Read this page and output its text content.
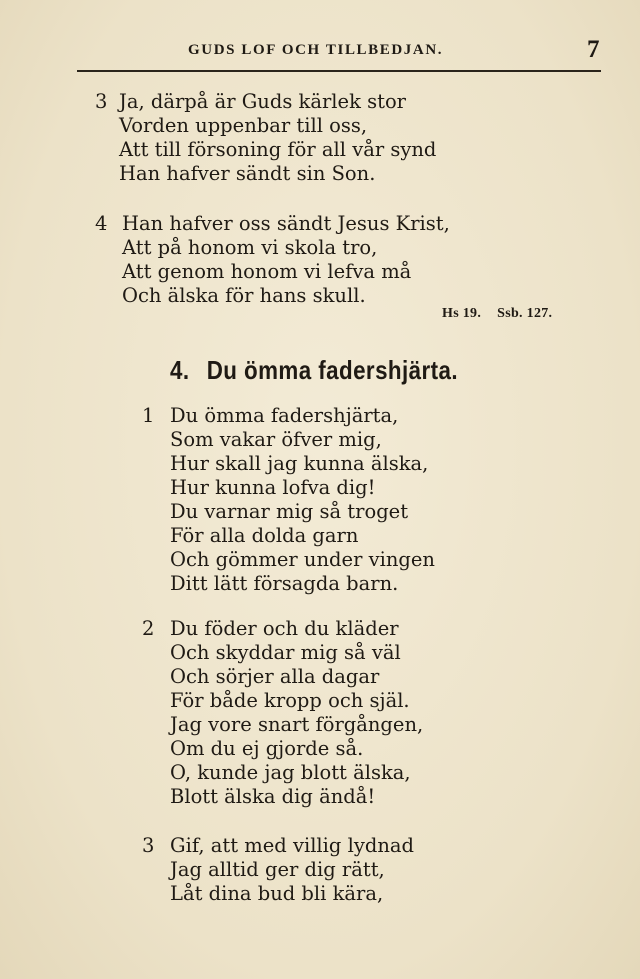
GUDS LOF OCH TILLBEDJAN.	7
3 Ja, därpå är Guds kärlek stor
Vorden uppenbar till oss,
Att till försoning för all vår synd
Han hafver sändt sin Son.
4 Han hafver oss sändt Jesus Krist,
Att på honom vi skola tro,
Att genom honom vi lefva må
Och älska för hans skull.
Hs 19. Ssb. 127.
4. Du ömma fadershjärta.
1 Du ömma fadershjärta,
Som vakar öfver mig,
Hur skall jag kunna älska,
Hur kunna lofva dig!
Du varnar mig så troget
För alla dolda garn
Och gömmer under vingen
Ditt lätt försagda barn.
2 Du föder och du kläder
Och skyddar mig så väl
Och sörjer alla dagar
För både kropp och själ.
Jag vore snart förgången,
Om du ej gjorde så.
O, kunde jag blott älska,
Blott älska dig ändå!
3 Gif, att med villig lydnad
Jag alltid ger dig rätt,
Låt dina bud bli kära,
